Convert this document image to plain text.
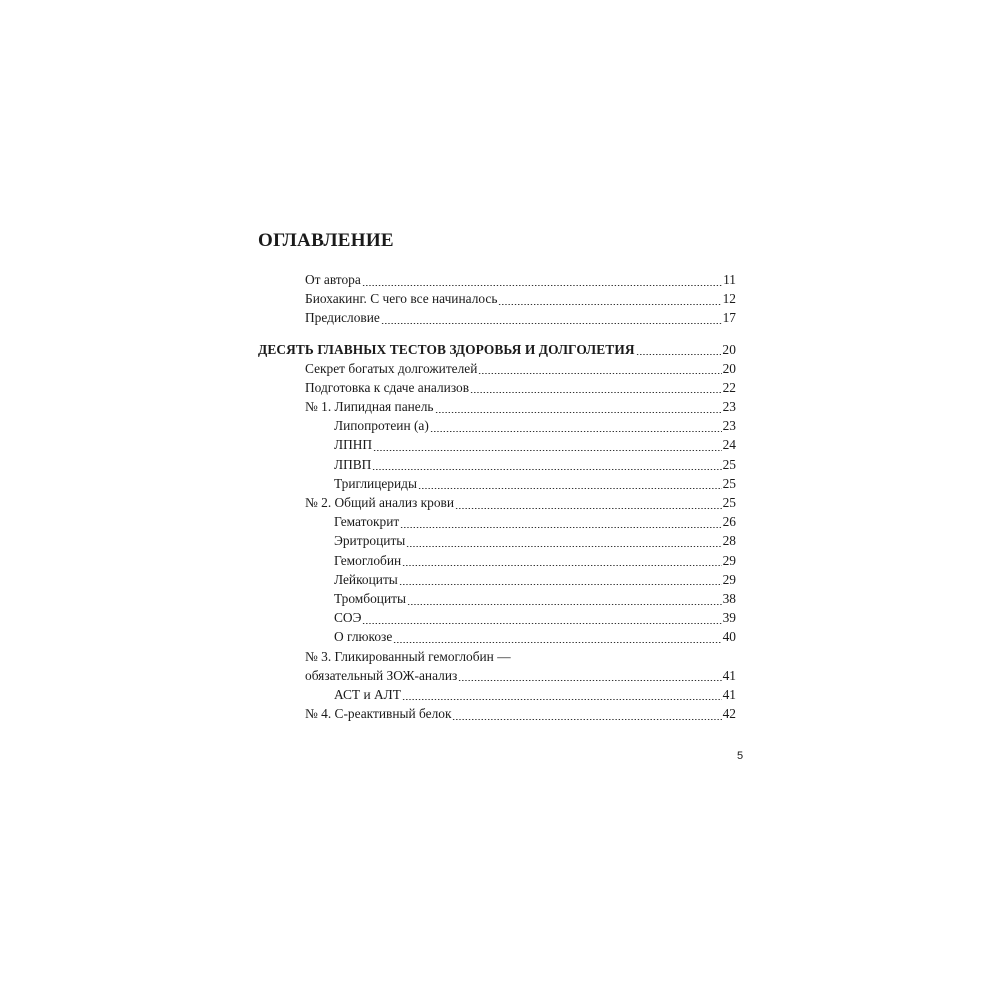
ОГЛАВЛЕНИЕ
От автора	11
Биохакинг. С чего все начиналось	12
Предисловие	17
ДЕСЯТЬ ГЛАВНЫХ ТЕСТОВ ЗДОРОВЬЯ И ДОЛГОЛЕТИЯ	20
Секрет богатых долгожителей	20
Подготовка к сдаче анализов	22
№ 1. Липидная панель	23
Липопротеин (а)	23
ЛПНП	24
ЛПВП	25
Триглицериды	25
№ 2. Общий анализ крови	25
Гематокрит	26
Эритроциты	28
Гемоглобин	29
Лейкоциты	29
Тромбоциты	38
СОЭ	39
О глюкозе	40
№ 3. Гликированный гемоглобин —
обязательный ЗОЖ-анализ	41
АСТ и АЛТ	41
№ 4. С-реактивный белок	42

5
